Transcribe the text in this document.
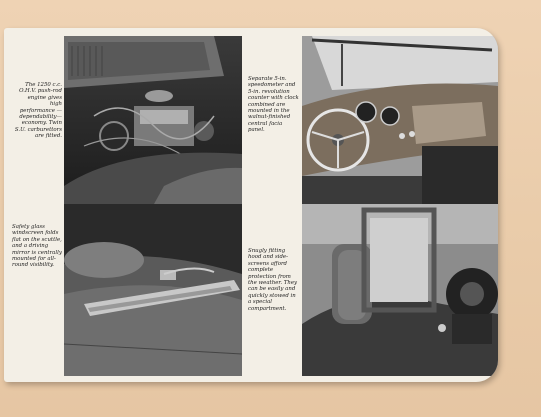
The 1250 c.c. O.H.V. push-rod engine gives high performance —dependability—economy. Twin S.U. carburettors are fitted.

Separate 5-in. speedometer and 5-in. revolution counter with clock combined are mounted in the walnut-finished central facia panel.

Safety glass windscreen folds flat on the scuttle, and a driving mirror is centrally mounted for all-round visibility.

Snugly fitting hood and side-screens afford complete protection from the weather. They can be easily and quickly stowed in a special compartment.
